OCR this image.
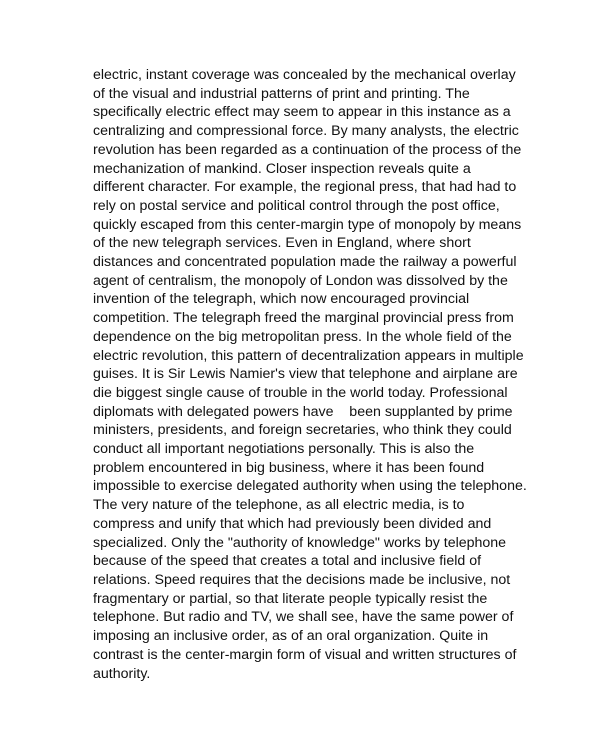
electric, instant coverage was concealed by the mechanical overlay
of the visual and industrial patterns of print and printing. The
specifically electric effect may seem to appear in this instance as a
centralizing and compressional force. By many analysts, the electric
revolution has been regarded as a continuation of the process of the
mechanization of mankind. Closer inspection reveals quite a
different character. For example, the regional press, that had had to
rely on postal service and political control through the post office,
quickly escaped from this center-margin type of monopoly by means
of the new telegraph services. Even in England, where short
distances and concentrated population made the railway a powerful
agent of centralism, the monopoly of London was dissolved by the
invention of the telegraph, which now encouraged provincial
competition. The telegraph freed the marginal provincial press from
dependence on the big metropolitan press. In the whole field of the
electric revolution, this pattern of decentralization appears in multiple
guises. It is Sir Lewis Namier's view that telephone and airplane are
die biggest single cause of trouble in the world today. Professional
diplomats with delegated powers have    been supplanted by prime
ministers, presidents, and foreign secretaries, who think they could
conduct all important negotiations personally. This is also the
problem encountered in big business, where it has been found
impossible to exercise delegated authority when using the telephone.
The very nature of the telephone, as all electric media, is to
compress and unify that which had previously been divided and
specialized. Only the "authority of knowledge" works by telephone
because of the speed that creates a total and inclusive field of
relations. Speed requires that the decisions made be inclusive, not
fragmentary or partial, so that literate people typically resist the
telephone. But radio and TV, we shall see, have the same power of
imposing an inclusive order, as of an oral organization. Quite in
contrast is the center-margin form of visual and written structures of
authority.
